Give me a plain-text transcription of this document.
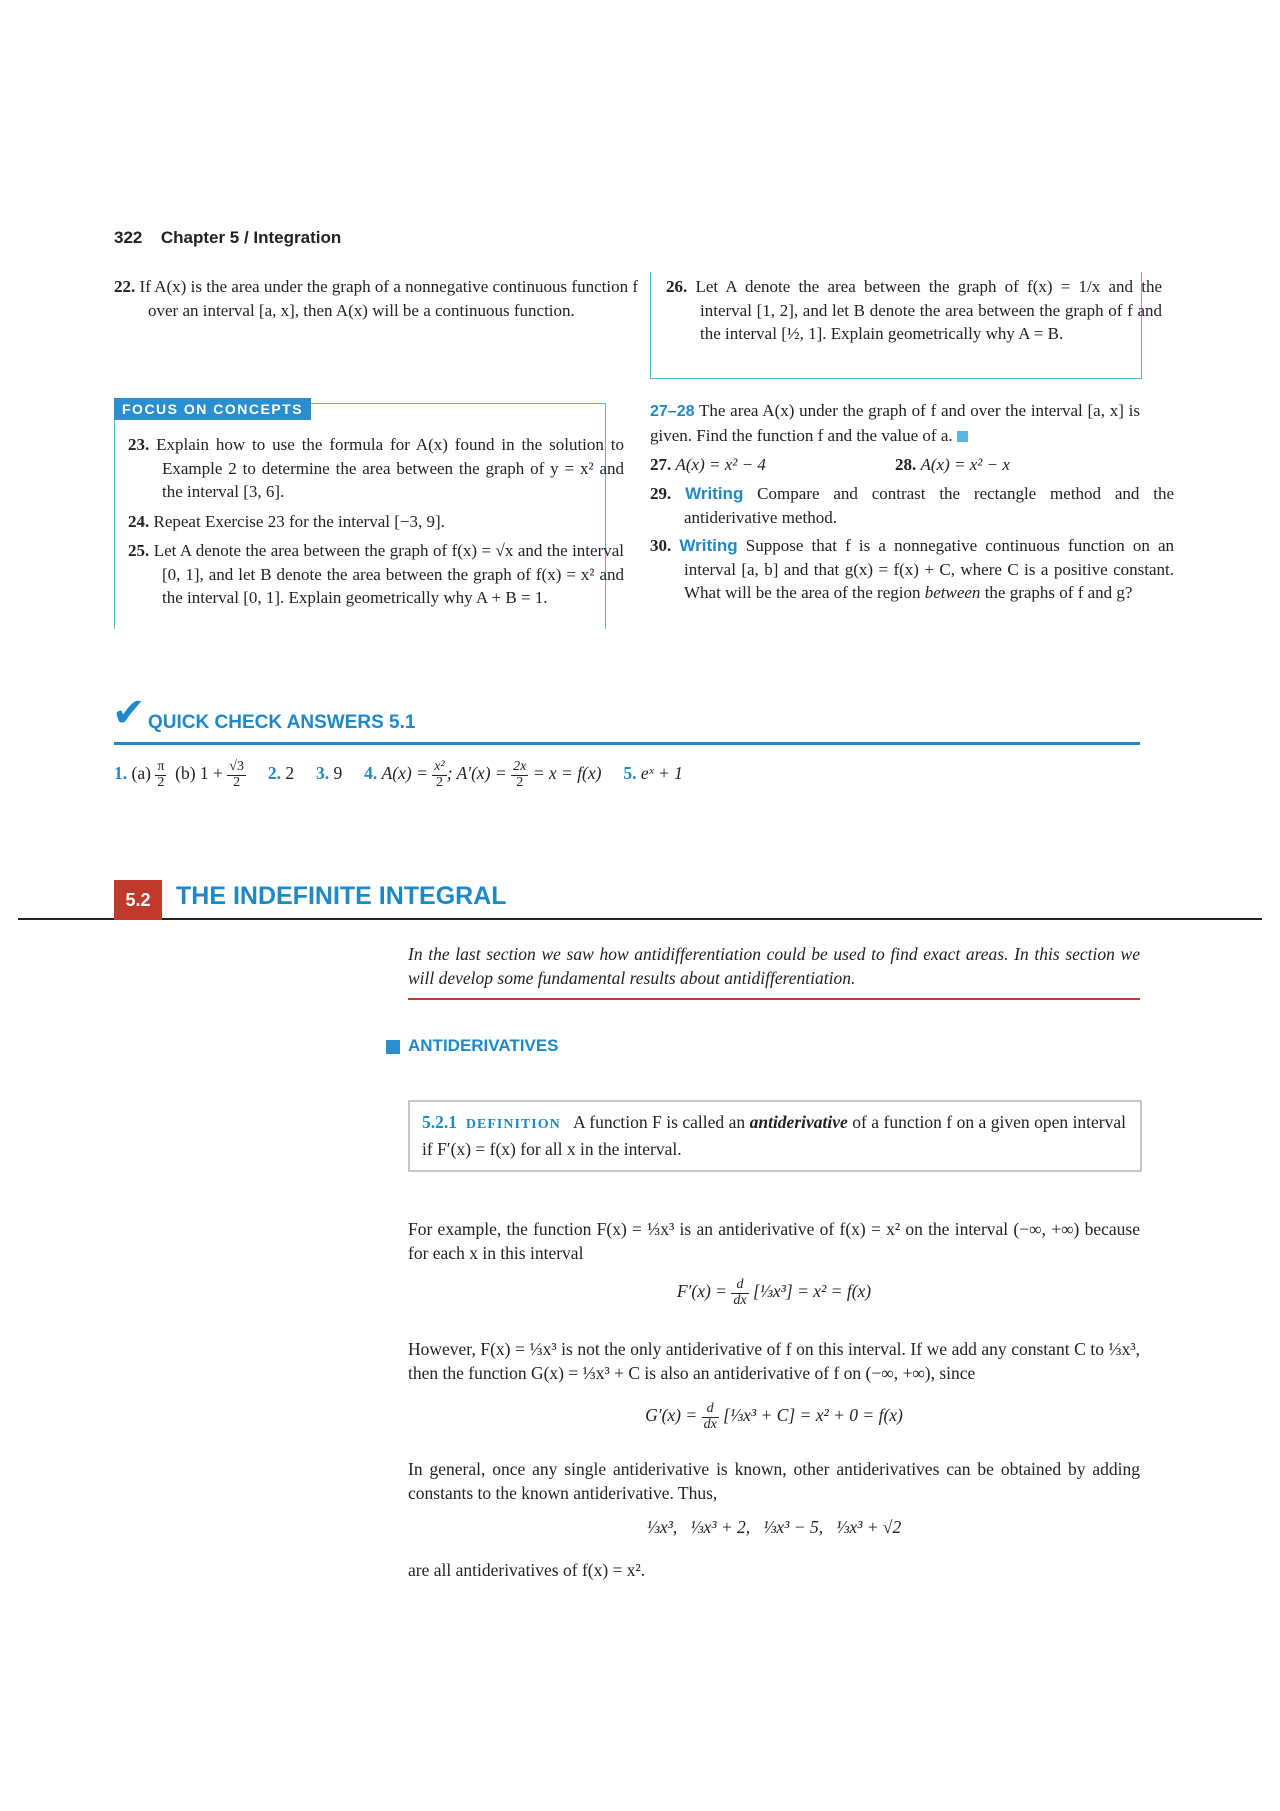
322 Chapter 5 / Integration
22. If A(x) is the area under the graph of a nonnegative continuous function f over an interval [a, x], then A(x) will be a continuous function.
26. Let A denote the area between the graph of f(x) = 1/x and the interval [1, 2], and let B denote the area between the graph of f and the interval [½, 1]. Explain geometrically why A = B.
FOCUS ON CONCEPTS
23. Explain how to use the formula for A(x) found in the solution to Example 2 to determine the area between the graph of y = x² and the interval [3, 6].
24. Repeat Exercise 23 for the interval [−3, 9].
25. Let A denote the area between the graph of f(x) = √x and the interval [0, 1], and let B denote the area between the graph of f(x) = x² and the interval [0, 1]. Explain geometrically why A + B = 1.
27–28 The area A(x) under the graph of f and over the interval [a, x] is given. Find the function f and the value of a.
27. A(x) = x² − 4	28. A(x) = x² − x
29. Writing Compare and contrast the rectangle method and the antiderivative method.
30. Writing Suppose that f is a nonnegative continuous function on an interval [a, b] and that g(x) = f(x) + C, where C is a positive constant. What will be the area of the region between the graphs of f and g?
✔ QUICK CHECK ANSWERS 5.1
1. $(a) \frac{\pi}{2} (b) 1 + \frac{√3}{2} 2$. 2 3. 9 4. $A(x) = \frac{\text{x²}}{2}$ ; $A'(x) = \frac{2x}{2} = x = f(x)$ 5. eˣ + 1
5.2	THE INDEFINITE INTEGRAL
In the last section we saw how antidifferentiation could be used to find exact areas. In this section we will develop some fundamental results about antidifferentiation.
ANTIDERIVATIVES
5.2.1 DEFINITION A function F is called an antiderivative of a function f on a given open interval if F′(x) = f(x) for all x in the interval.
For example, the function F(x) = ⅓x³ is an antiderivative of f(x) = x² on the interval (−∞, +∞) because for each x in this interval
$F'(x) = \frac{d}{dx}$ [⅓x³] = x² = f(x)
However, F(x) = ⅓x³ is not the only antiderivative of f on this interval. If we add any constant C to ⅓x³, then the function G(x) = ⅓x³ + C is also an antiderivative of f on (−∞, +∞), since
$G'(x) = \frac{d}{dx}$ [⅓x³ + C] = x² + 0 = f(x)
In general, once any single antiderivative is known, other antiderivatives can be obtained by adding constants to the known antiderivative. Thus,
⅓x³,   ⅓x³ + 2,   ⅓x³ − 5,   ⅓x³ + √2
are all antiderivatives of f(x) = x².
